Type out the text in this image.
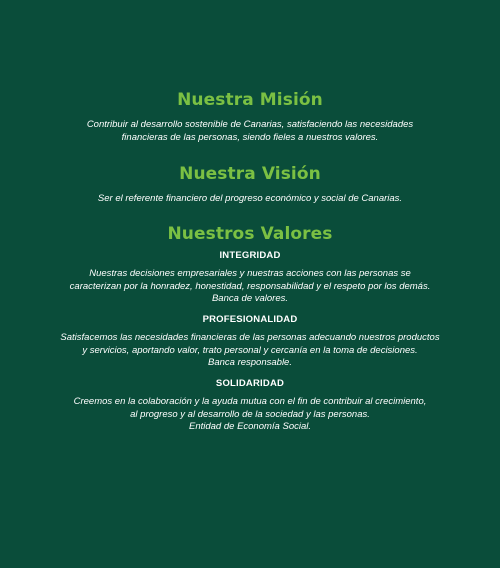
Nuestra Misión

Contribuir al desarrollo sostenible de Canarias, satisfaciendo las necesidades
financieras de las personas, siendo fieles a nuestros valores.

Nuestra Visión

Ser el referente financiero del progreso económico y social de Canarias.

Nuestros Valores
INTEGRIDAD

Nuestras decisiones empresariales y nuestras acciones con las personas se
caracterizan por la honradez, honestidad, responsabilidad y el respeto por los demás.
Banca de valores.

PROFESIONALIDAD

Satisfacemos las necesidades financieras de las personas adecuando nuestros productos
y servicios, aportando valor, trato personal y cercanía en la toma de decisiones.
Banca responsable.

SOLIDARIDAD

Creemos en la colaboración y la ayuda mutua con el fin de contribuir al crecimiento,
al progreso y al desarrollo de la sociedad y las personas.
Entidad de Economía Social.
